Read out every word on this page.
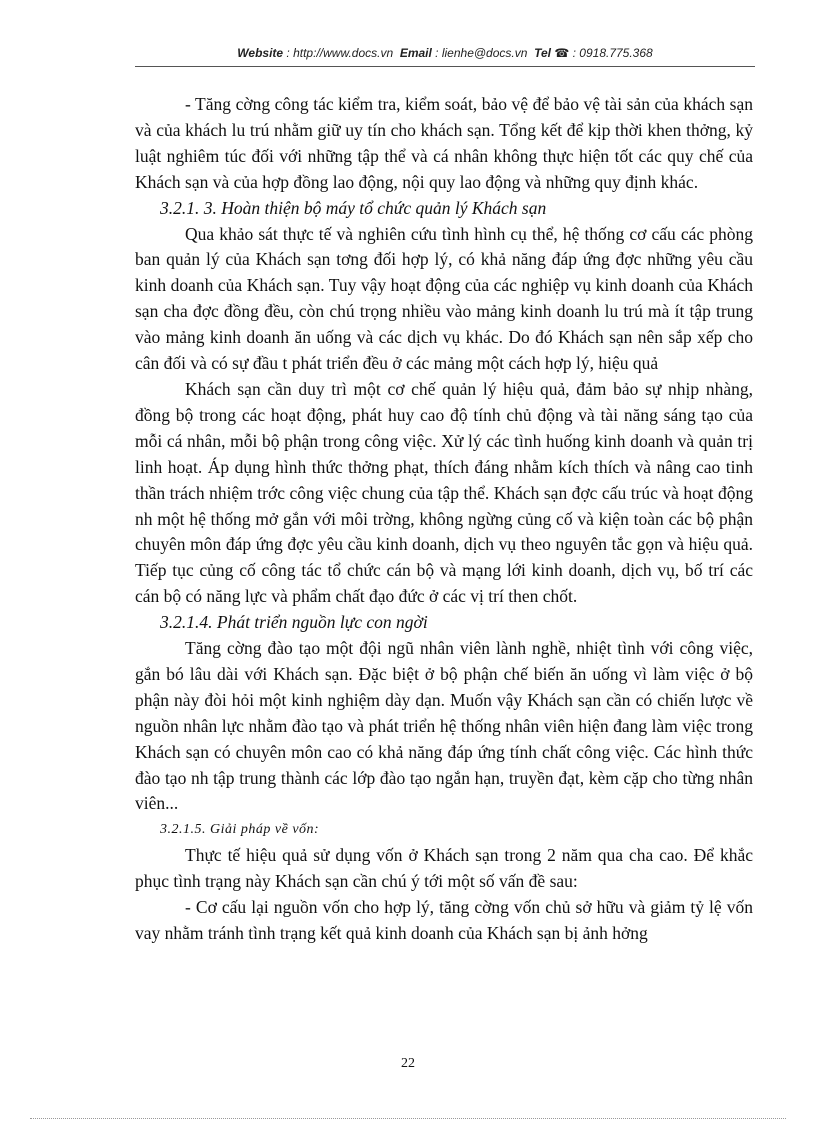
Website : http://www.docs.vn Email : lienhe@docs.vn Tel ☎ : 0918.775.368

- Tăng cờng công tác kiểm tra, kiểm soát, bảo vệ để bảo vệ tài sản của khách sạn và của khách lu trú nhằm giữ uy tín cho khách sạn. Tổng kết để kịp thời khen thởng, kỷ luật nghiêm túc đối với những tập thể và cá nhân không thực hiện tốt các quy chế của Khách sạn và của hợp đồng lao động, nội quy lao động và những quy định khác.

3.2.1. 3. Hoàn thiện bộ máy tổ chức quản lý Khách sạn

Qua khảo sát thực tế và nghiên cứu tình hình cụ thể, hệ thống cơ cấu các phòng ban quản lý của Khách sạn tơng đối hợp lý, có khả năng đáp ứng đợc những yêu cầu kinh doanh của Khách sạn. Tuy vậy hoạt động của các nghiệp vụ kinh doanh của Khách sạn cha đợc đồng đều, còn chú trọng nhiều vào mảng kinh doanh lu trú mà ít tập trung vào mảng kinh doanh ăn uống và các dịch vụ khác. Do đó Khách sạn nên sắp xếp cho cân đối và có sự đầu t phát triển đều ở các mảng một cách hợp lý, hiệu quả

Khách sạn cần duy trì một cơ chế quản lý hiệu quả, đảm bảo sự nhịp nhàng, đồng bộ trong các hoạt động, phát huy cao độ tính chủ động và tài năng sáng tạo của mỗi cá nhân, mỗi bộ phận trong công việc. Xử lý các tình huống kinh doanh và quản trị linh hoạt. Áp dụng hình thức thởng phạt, thích đáng nhằm kích thích và nâng cao tinh thần trách nhiệm trớc công việc chung của tập thể. Khách sạn đợc cấu trúc và hoạt động nh một hệ thống mở gắn với môi trờng, không ngừng củng cố và kiện toàn các bộ phận chuyên môn đáp ứng đợc yêu cầu kinh doanh, dịch vụ theo nguyên tắc gọn và hiệu quả. Tiếp tục củng cố công tác tổ chức cán bộ và mạng lới kinh doanh, dịch vụ, bố trí các cán bộ có năng lực và phẩm chất đạo đức ở các vị trí then chốt.

3.2.1.4. Phát triển nguồn lực con ngời

Tăng cờng đào tạo một đội ngũ nhân viên lành nghề, nhiệt tình với công việc, gắn bó lâu dài với Khách sạn. Đặc biệt ở bộ phận chế biến ăn uống vì làm việc ở bộ phận này đòi hỏi một kinh nghiệm dày dạn. Muốn vậy Khách sạn cần có chiến lược về nguồn nhân lực nhằm đào tạo và phát triển hệ thống nhân viên hiện đang làm việc trong Khách sạn có chuyên môn cao có khả năng đáp ứng tính chất công việc. Các hình thức đào tạo nh tập trung thành các lớp đào tạo ngắn hạn, truyền đạt, kèm cặp cho từng nhân viên...

3.2.1.5. Giải pháp về vốn:

Thực tế hiệu quả sử dụng vốn ở Khách sạn trong 2 năm qua cha cao. Để khắc phục tình trạng này Khách sạn cần chú ý tới một số vấn đề sau:

- Cơ cấu lại nguồn vốn cho hợp lý, tăng cờng vốn chủ sở hữu và giảm tỷ lệ vốn vay nhằm tránh tình trạng kết quả kinh doanh của Khách sạn bị ảnh hởng

22
